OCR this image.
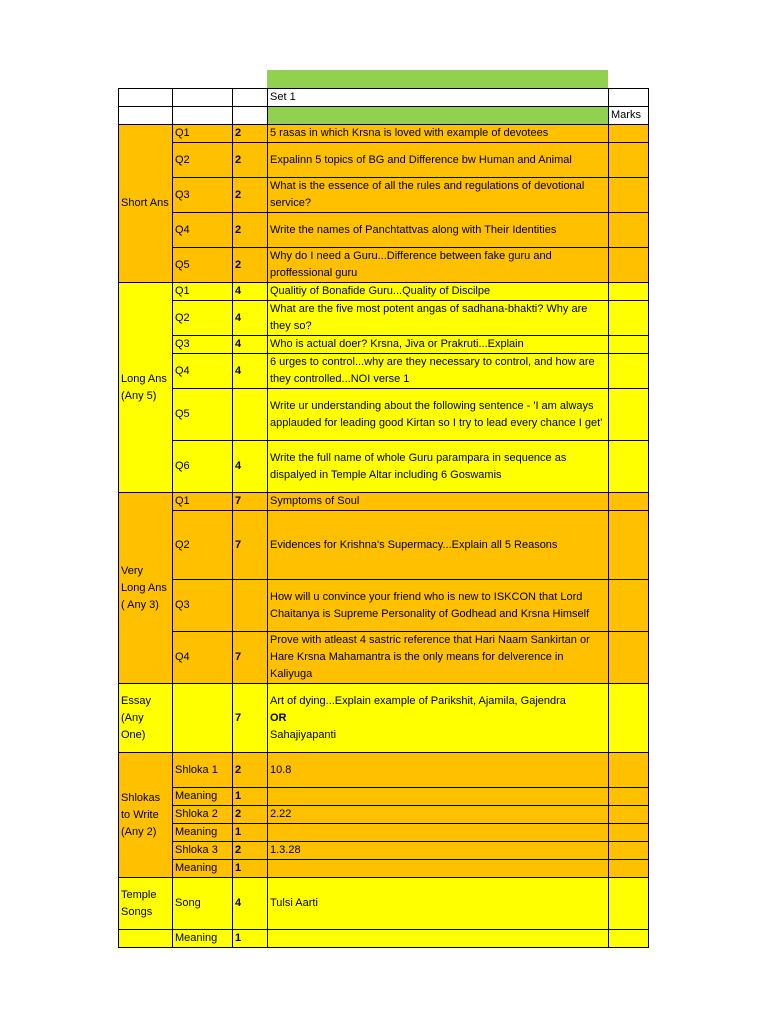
			Set 1	
				Marks
Short Ans	Q1	2	5 rasas in which Krsna is loved with example of devotees	
	Q2	2	Expalinn 5 topics of BG and Difference bw Human and Animal	
	Q3	2	What is the essence of all the rules and regulations of devotional service?	
	Q4	2	Write the names of Panchtattvas along with Their Identities	
	Q5	2	Why do I need a Guru...Difference between fake guru and proffessional guru	
Long Ans (Any 5)	Q1	4	Qualitiy of Bonafide Guru...Quality of Discilpe	
	Q2	4	What are the five most potent angas of sadhana-bhakti? Why are they so?	
	Q3	4	Who is actual doer? Krsna, Jiva or Prakruti...Explain	
	Q4	4	6 urges to control...why are they necessary to control, and how are they controlled...NOI verse 1	
	Q5		Write ur understanding about the following sentence - 'I am always applauded for leading good Kirtan so I try to lead every chance I get'	
	Q6	4	Write the full name of whole Guru parampara in sequence as dispalyed in Temple Altar including 6 Goswamis	
Very Long Ans ( Any 3)	Q1	7	Symptoms of Soul	
	Q2	7	Evidences for Krishna's Supermacy...Explain all 5 Reasons	
	Q3		How will u convince your friend who is new to ISKCON that Lord Chaitanya is Supreme Personality of Godhead and Krsna Himself	
	Q4	7	Prove with atleast 4 sastric reference that Hari Naam Sankirtan or Hare Krsna Mahamantra is the only means for delverence in Kaliyuga	
Essay (Any One)		7	Art of dying...Explain example of Parikshit, Ajamila, Gajendra
OR
Sahajiyapanti	

Shlokas to Write (Any 2)	Shloka 1	2	10.8	
	Meaning	1		
	Shloka 2	2	2.22	
	Meaning	1		
	Shloka 3	2	1.3.28	
	Meaning	1		
Temple Songs	Song	4	Tulsi Aarti	
	Meaning	1		
